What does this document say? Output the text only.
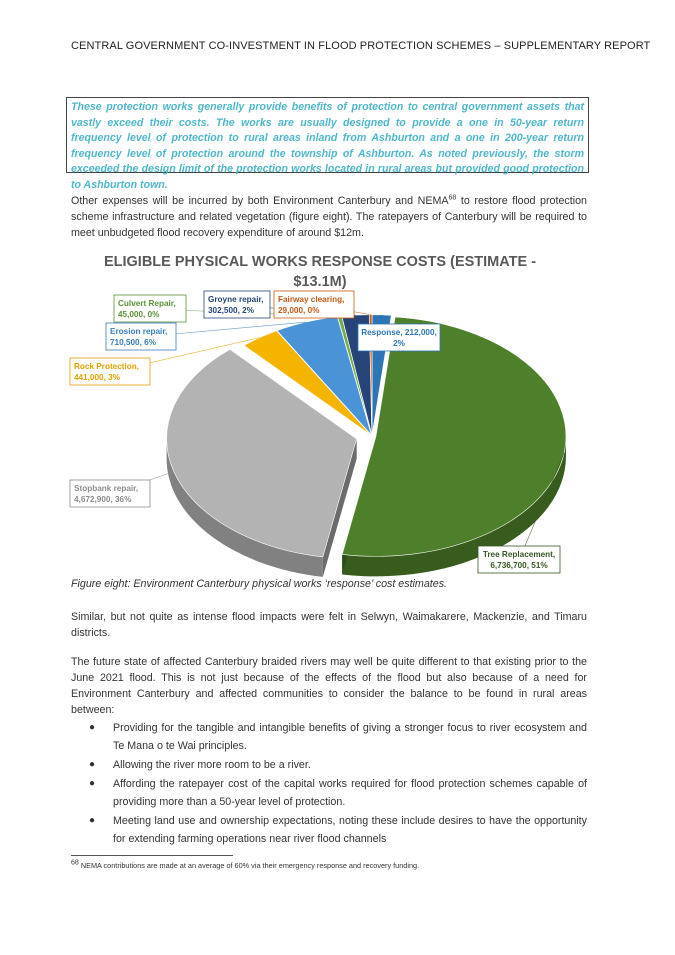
CENTRAL GOVERNMENT CO-INVESTMENT IN FLOOD PROTECTION SCHEMES – SUPPLEMENTARY REPORT
These protection works generally provide benefits of protection to central government assets that vastly exceed their costs. The works are usually designed to provide a one in 50-year return frequency level of protection to rural areas inland from Ashburton and a one in 200-year return frequency level of protection around the township of Ashburton. As noted previously, the storm exceeded the design limit of the protection works located in rural areas but provided good protection to Ashburton town.
Other expenses will be incurred by both Environment Canterbury and NEMA$^{68}$ to restore flood protection scheme infrastructure and related vegetation (figure eight). The ratepayers of Canterbury will be required to meet unbudgeted flood recovery expenditure of around $12m.
ELIGIBLE PHYSICAL WORKS RESPONSE COSTS (ESTIMATE -
$13.1M)
Response, 212,000,
2%
Tree Replacement,
6,736,700, 51%
Stopbank repair,
4,672,900, 36%
Rock Protection,
441,000, 3%
Erosion repair,
710,500, 6%
Culvert Repair,
45,000, 0%
Groyne repair,
302,500, 2%
Fairway clearing,
29,000, 0%
Figure eight: Environment Canterbury physical works ‘response’ cost estimates.
Similar, but not quite as intense flood impacts were felt in Selwyn, Waimakarere, Mackenzie, and Timaru districts.
The future state of affected Canterbury braided rivers may well be quite different to that existing prior to the June 2021 flood. This is not just because of the effects of the flood but also because of a need for Environment Canterbury and affected communities to consider the balance to be found in rural areas between:
● Providing for the tangible and intangible benefits of giving a stronger focus to river ecosystem and Te Mana o te Wai principles.
● Allowing the river more room to be a river.
● Affording the ratepayer cost of the capital works required for flood protection schemes capable of providing more than a 50-year level of protection.
● Meeting land use and ownership expectations, noting these include desires to have the opportunity for extending farming operations near river flood channels
$^{68}$ NEMA contributions are made at an average of 60% via their emergency response and recovery funding.
